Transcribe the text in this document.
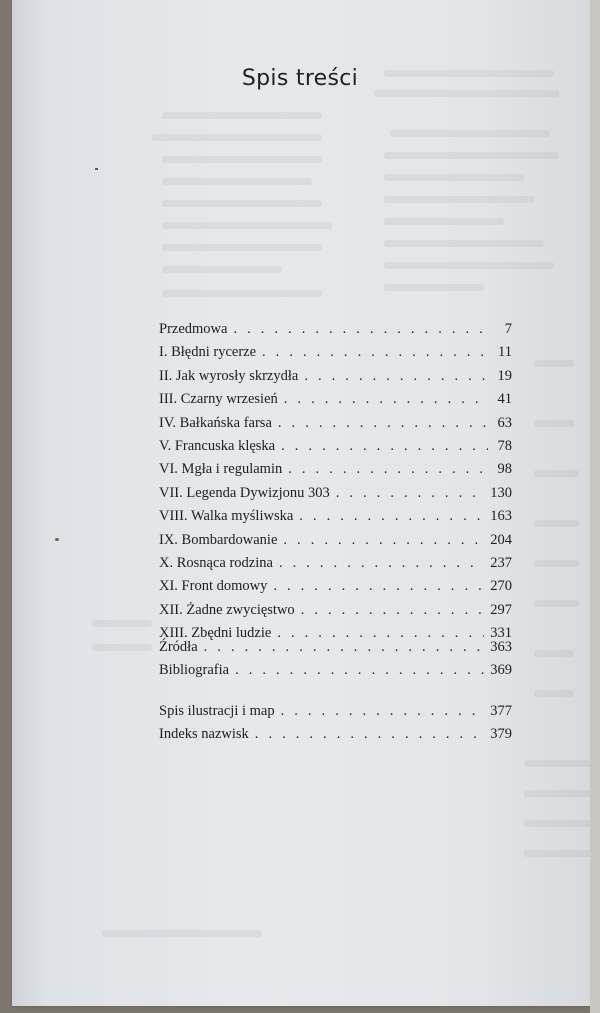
Spis treści
Przedmowa . . .	7
I. Błędni rycerze . . .	11
II. Jak wyrosły skrzydła . . .	19
III. Czarny wrzesień . . .	41
IV. Bałkańska farsa . . .	63
V. Francuska klęska . . .	78
VI. Mgła i regulamin . . .	98
VII. Legenda Dywizjonu 303 . . .	130
VIII. Walka myśliwska . . .	163
IX. Bombardowanie . . .	204
X. Rosnąca rodzina . . .	237
XI. Front domowy . . .	270
XII. Żadne zwycięstwo . . .	297
XIII. Zbędni ludzie . . .	331
Źródła . . .	363
Bibliografia . . .	369
Spis ilustracji i map . . .	377
Indeks nazwisk . . .	379
